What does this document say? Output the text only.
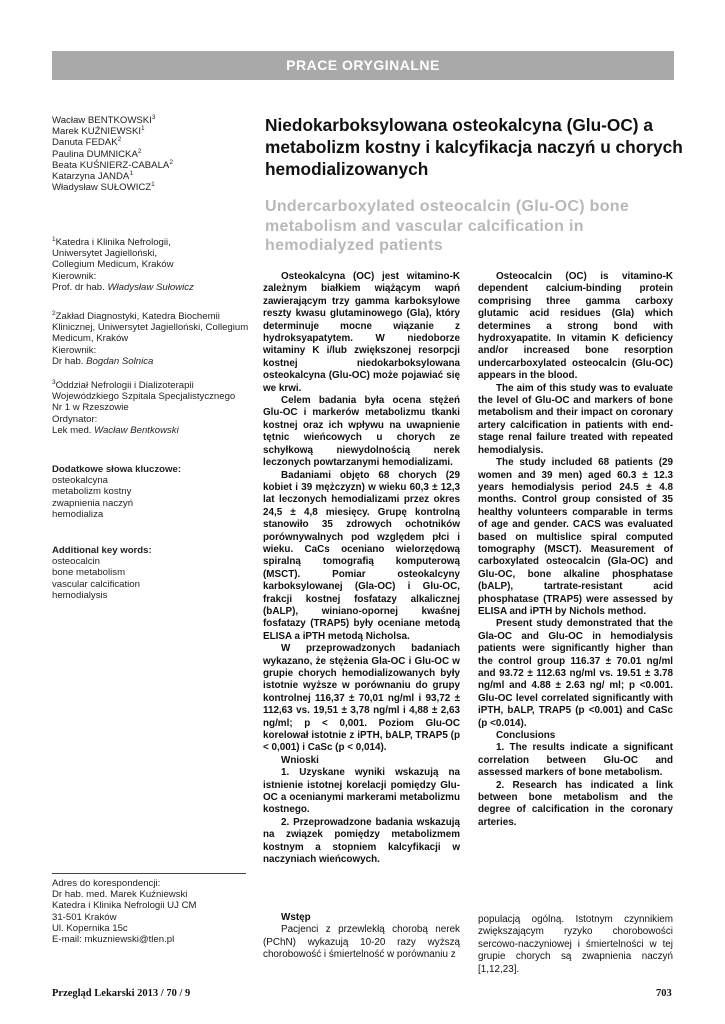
PRACE ORYGINALNE
Wacław BENTKOWSKI$^3$
Marek KUŹNIEWSKI$^1$
Danuta FEDAK$^2$
Paulina DUMNICKA$^2$
Beata KUŚNIERZ-CABALA$^2$
Katarzyna JANDA$^1$
Władysław SUŁOWICZ$^1$
$^1$Katedra i Klinika Nefrologii,
Uniwersytet Jagielloński,
Collegium Medicum, Kraków
Kierownik:
Prof. dr hab. Władysław Sułowicz
$^2$Zakład Diagnostyki, Katedra Biochemii
Klinicznej, Uniwersytet Jagielloński, Collegium
Medicum, Kraków
Kierownik:
Dr hab. Bogdan Solnica
$^3$Oddział Nefrologii i Dializoterapii
Wojewódzkiego Szpitala Specjalistycznego
Nr 1 w Rzeszowie
Ordynator:
Lek med. Wacław Bentkowski
Dodatkowe słowa kluczowe:
osteokalcyna
metabolizm kostny
zwapnienia naczyń
hemodializa
Additional key words:
osteocalcin
bone metabolism
vascular calcification
hemodialysis
Adres do korespondencji:
Dr hab. med. Marek Kuźniewski
Katedra i Klinika Nefrologii UJ CM
31-501 Kraków
Ul. Kopernika 15c
E-mail: mkuzniewski@tlen.pl
Niedokarboksylowana osteokalcyna (Glu-OC) a metabolizm kostny i kalcyfikacja naczyń u chorych hemodializowanych
Undercarboxylated osteocalcin (Glu-OC) bone metabolism and vascular calcification in hemodialyzed patients

Osteokalcyna (OC) jest witamino-K zależnym białkiem wiążącym wapń zawierającym trzy gamma karboksylowe reszty kwasu glutaminowego (Gla), który determinuje mocne wiązanie z hydroksyapatytem. W niedoborze witaminy K i/lub zwiększonej resorpcji kostnej niedokarboksylowana osteokalcyna (Glu-OC) może pojawiać się we krwi.

Celem badania była ocena stężeń Glu-OC i markerów metabolizmu tkanki kostnej oraz ich wpływu na uwapnienie tętnic wieńcowych u chorych ze schyłkową niewydolnością nerek leczonych powtarzanymi hemodializami.

Badaniami objęto 68 chorych (29 kobiet i 39 mężczyzn) w wieku 60,3 ± 12,3 lat leczonych hemodializami przez okres 24,5 ± 4,8 miesięcy. Grupę kontrolną stanowiło 35 zdrowych ochotników porównywalnych pod względem płci i wieku. CaCs oceniano wielorzędową spiralną tomografią komputerową (MSCT). Pomiar osteokalcyny karboksylowanej (Gla-OC) i Glu-OC, frakcji kostnej fosfatazy alkalicznej (bALP), winiano-opornej kwaśnej fosfatazy (TRAP5) były oceniane metodą ELISA a iPTH metodą Nicholsa.

W przeprowadzonych badaniach wykazano, że stężenia Gla-OC i Glu-OC w grupie chorych hemodializowanych były istotnie wyższe w porównaniu do grupy kontrolnej 116,37 ± 70,01 ng/ml i 93,72 ± 112,63 vs. 19,51 ± 3,78 ng/ml i 4,88 ± 2,63 ng/ml; p < 0,001. Poziom Glu-OC korelował istotnie z iPTH, bALP, TRAP5 (p < 0,001) i CaSc (p < 0,014).

Wnioski

1. Uzyskane wyniki wskazują na istnienie istotnej korelacji pomiędzy Glu-OC a ocenianymi markerami metabolizmu kostnego.

2. Przeprowadzone badania wskazują na związek pomiędzy metabolizmem kostnym a stopniem kalcyfikacji w naczyniach wieńcowych.

Osteocalcin (OC) is vitamino-K dependent calcium-binding protein comprising three gamma carboxy glutamic acid residues (Gla) which determines a strong bond with hydroxyapatite. In vitamin K deficiency and/or increased bone resorption undercarboxylated osteocalcin (Glu-OC) appears in the blood.

The aim of this study was to evaluate the level of Glu-OC and markers of bone metabolism and their impact on coronary artery calcification in patients with end-stage renal failure treated with repeated hemodialysis.

The study included 68 patients (29 women and 39 men) aged 60.3 ± 12.3 years hemodialysis period 24.5 ± 4.8 months. Control group consisted of 35 healthy volunteers comparable in terms of age and gender. CACS was evaluated based on multislice spiral computed tomography (MSCT). Measurement of carboxylated osteocalcin (Gla-OC) and Glu-OC, bone alkaline phosphatase (bALP), tartrate-resistant acid phosphatase (TRAP5) were assessed by ELISA and iPTH by Nichols method.

Present study demonstrated that the Gla-OC and Glu-OC in hemodialysis patients were significantly higher than the control group 116.37 ± 70.01 ng/ml and 93.72 ± 112.63 ng/ml vs. 19.51 ± 3.78 ng/ml and 4.88 ± 2.63 ng/ ml; p <0.001. Glu-OC level correlated significantly with iPTH, bALP, TRAP5 (p <0.001) and CaSc (p <0.014).

Conclusions

1. The results indicate a significant correlation between Glu-OC and assessed markers of bone metabolism.

2. Research has indicated a link between bone metabolism and the degree of calcification in the coronary arteries.

Wstęp

Pacjenci z przewlekłą chorobą nerek (PChN) wykazują 10-20 razy wyższą chorobowość i śmiertelność w porównaniu z

populacją ogólną. Istotnym czynnikiem zwiększającym ryzyko chorobowości sercowo-naczyniowej i śmiertelności w tej grupie chorych są zwapnienia naczyń [1,12,23].

Przegląd Lekarski 2013 / 70 / 9	703
